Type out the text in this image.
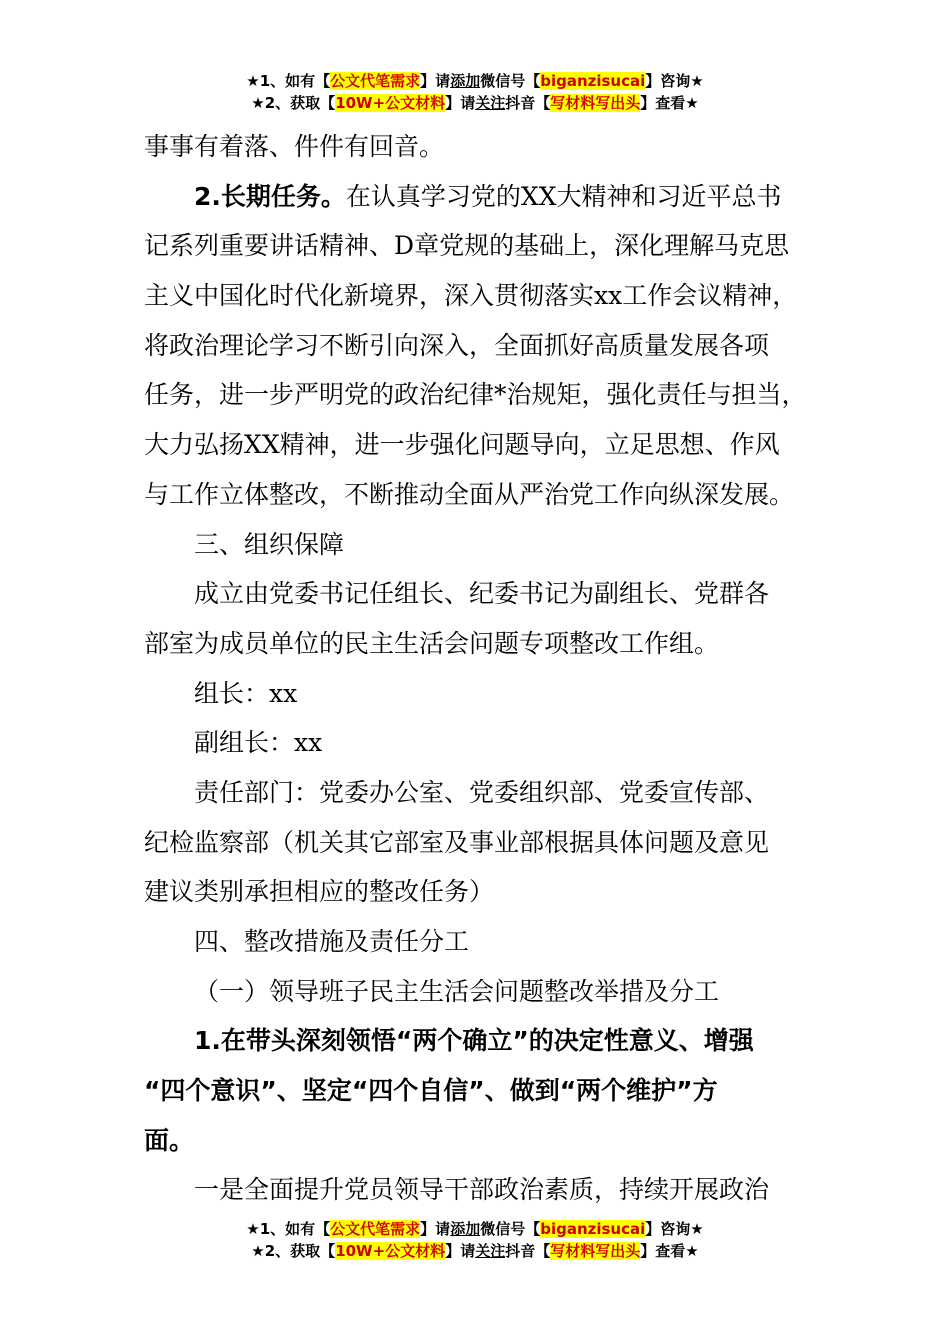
★1、如有【公文代笔需求】请添加微信号【biganzisucai】咨询★
★2、获取【10W+公文材料】请关注抖音【写材料写出头】查看★
事事有着落、件件有回音。
2.长期任务。在认真学习党的XX大精神和习近平总书
记系列重要讲话精神、D章党规的基础上，深化理解马克思
主义中国化时代化新境界，深入贯彻落实xx工作会议精神，
将政治理论学习不断引向深入，全面抓好高质量发展各项
任务，进一步严明党的政治纪律*治规矩，强化责任与担当，
大力弘扬XX精神，进一步强化问题导向，立足思想、作风
与工作立体整改，不断推动全面从严治党工作向纵深发展。
三、组织保障
成立由党委书记任组长、纪委书记为副组长、党群各
部室为成员单位的民主生活会问题专项整改工作组。
组长：xx
副组长：xx
责任部门：党委办公室、党委组织部、党委宣传部、
纪检监察部（机关其它部室及事业部根据具体问题及意见
建议类别承担相应的整改任务）
四、整改措施及责任分工
（一）领导班子民主生活会问题整改举措及分工
1.在带头深刻领悟“两个确立”的决定性意义、增强
“四个意识”、坚定“四个自信”、做到“两个维护”方
面。
一是全面提升党员领导干部政治素质，持续开展政治
★1、如有【公文代笔需求】请添加微信号【biganzisucai】咨询★
★2、获取【10W+公文材料】请关注抖音【写材料写出头】查看★
